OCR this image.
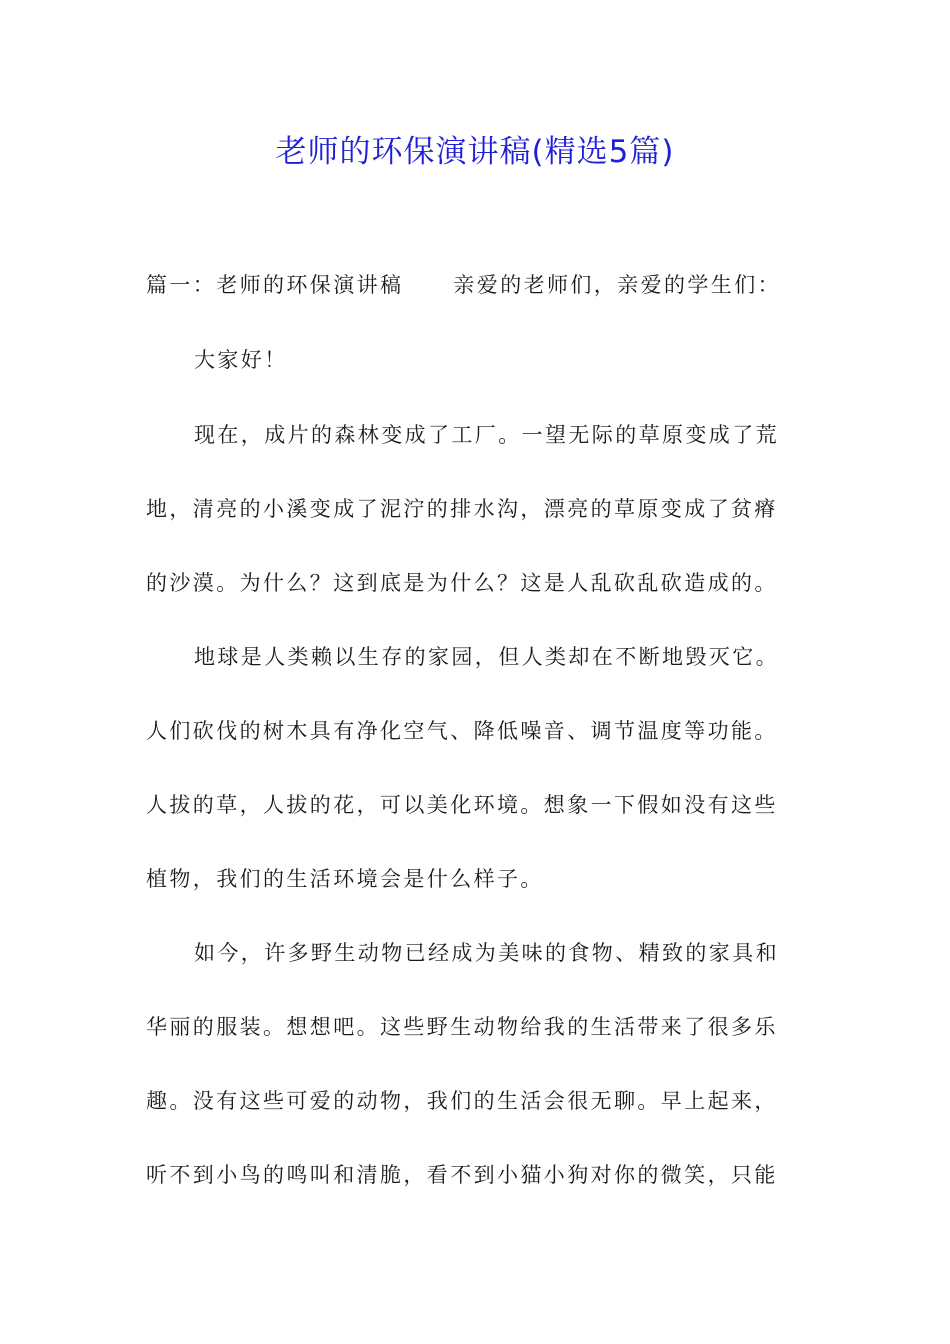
老师的环保演讲稿(精选5篇)
篇一：老师的环保演讲稿 亲爱的老师们，亲爱的学生们：
大家好！
现在，成片的森林变成了工厂。一望无际的草原变成了荒
地，清亮的小溪变成了泥泞的排水沟，漂亮的草原变成了贫瘠
的沙漠。为什么？这到底是为什么？这是人乱砍乱砍造成的。
地球是人类赖以生存的家园，但人类却在不断地毁灭它。
人们砍伐的树木具有净化空气、降低噪音、调节温度等功能。
人拔的草，人拔的花，可以美化环境。想象一下假如没有这些
植物，我们的生活环境会是什么样子。
如今，许多野生动物已经成为美味的食物、精致的家具和
华丽的服装。想想吧。这些野生动物给我的生活带来了很多乐
趣。没有这些可爱的动物，我们的生活会很无聊。早上起来，
听不到小鸟的鸣叫和清脆，看不到小猫小狗对你的微笑，只能
